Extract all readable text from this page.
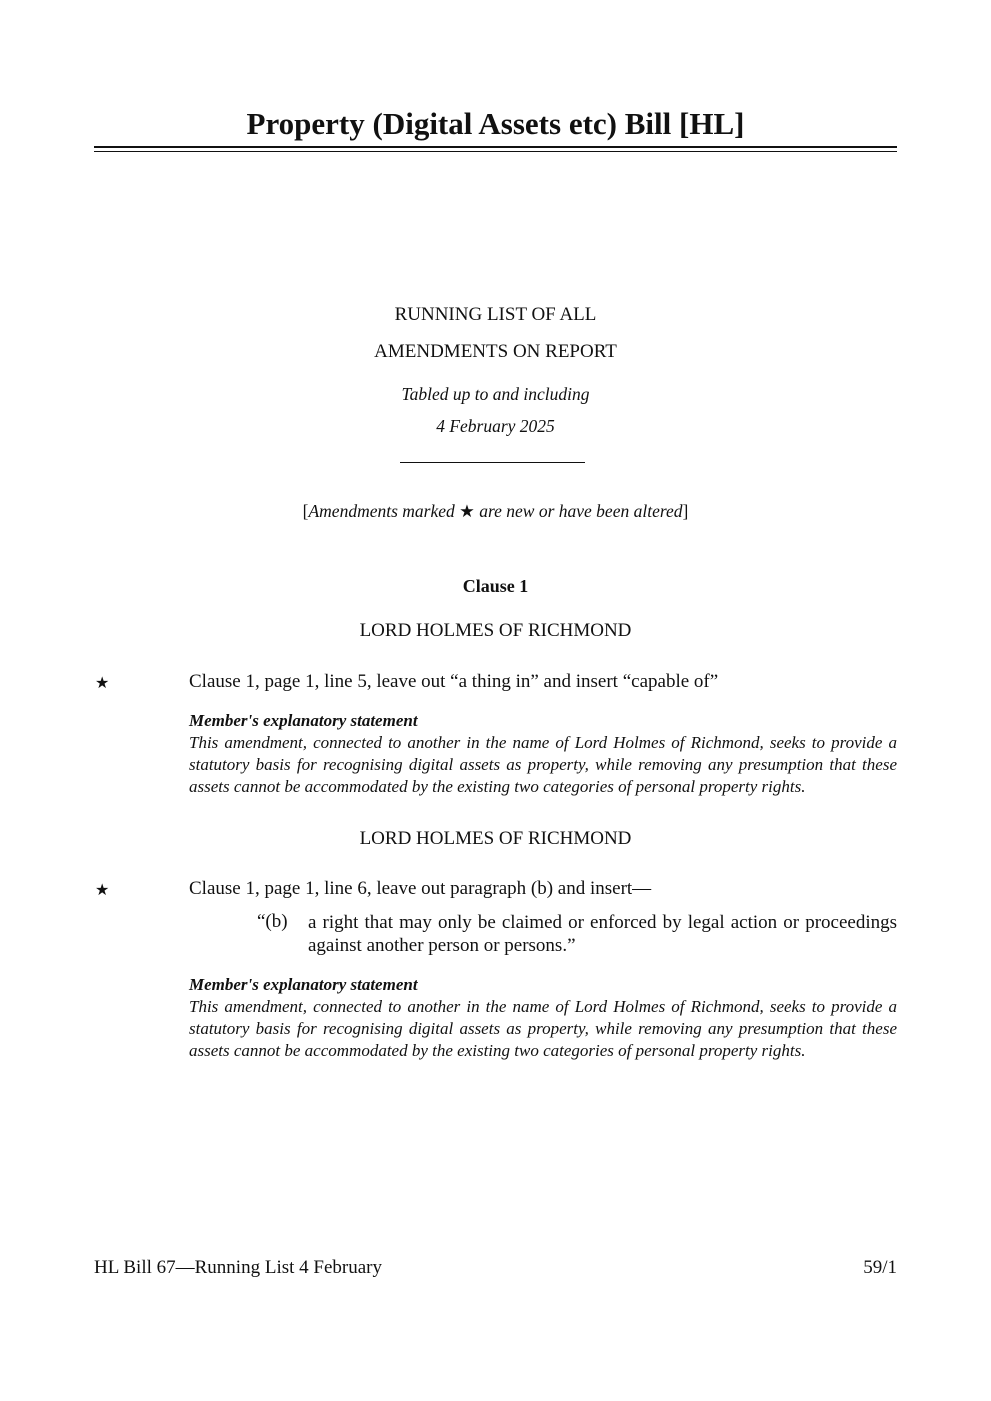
Property (Digital Assets etc) Bill [HL]
RUNNING LIST OF ALL
AMENDMENTS ON REPORT
Tabled up to and including
4 February 2025
[Amendments marked ★ are new or have been altered]
Clause 1
LORD HOLMES OF RICHMOND
★	Clause 1, page 1, line 5, leave out “a thing in” and insert “capable of”
Member's explanatory statement
This amendment, connected to another in the name of Lord Holmes of Richmond, seeks to provide a statutory basis for recognising digital assets as property, while removing any presumption that these assets cannot be accommodated by the existing two categories of personal property rights.
LORD HOLMES OF RICHMOND
★	Clause 1, page 1, line 6, leave out paragraph (b) and insert—
“(b) a right that may only be claimed or enforced by legal action or proceedings against another person or persons.”
Member's explanatory statement
This amendment, connected to another in the name of Lord Holmes of Richmond, seeks to provide a statutory basis for recognising digital assets as property, while removing any presumption that these assets cannot be accommodated by the existing two categories of personal property rights.
HL Bill 67—Running List 4 February	59/1
